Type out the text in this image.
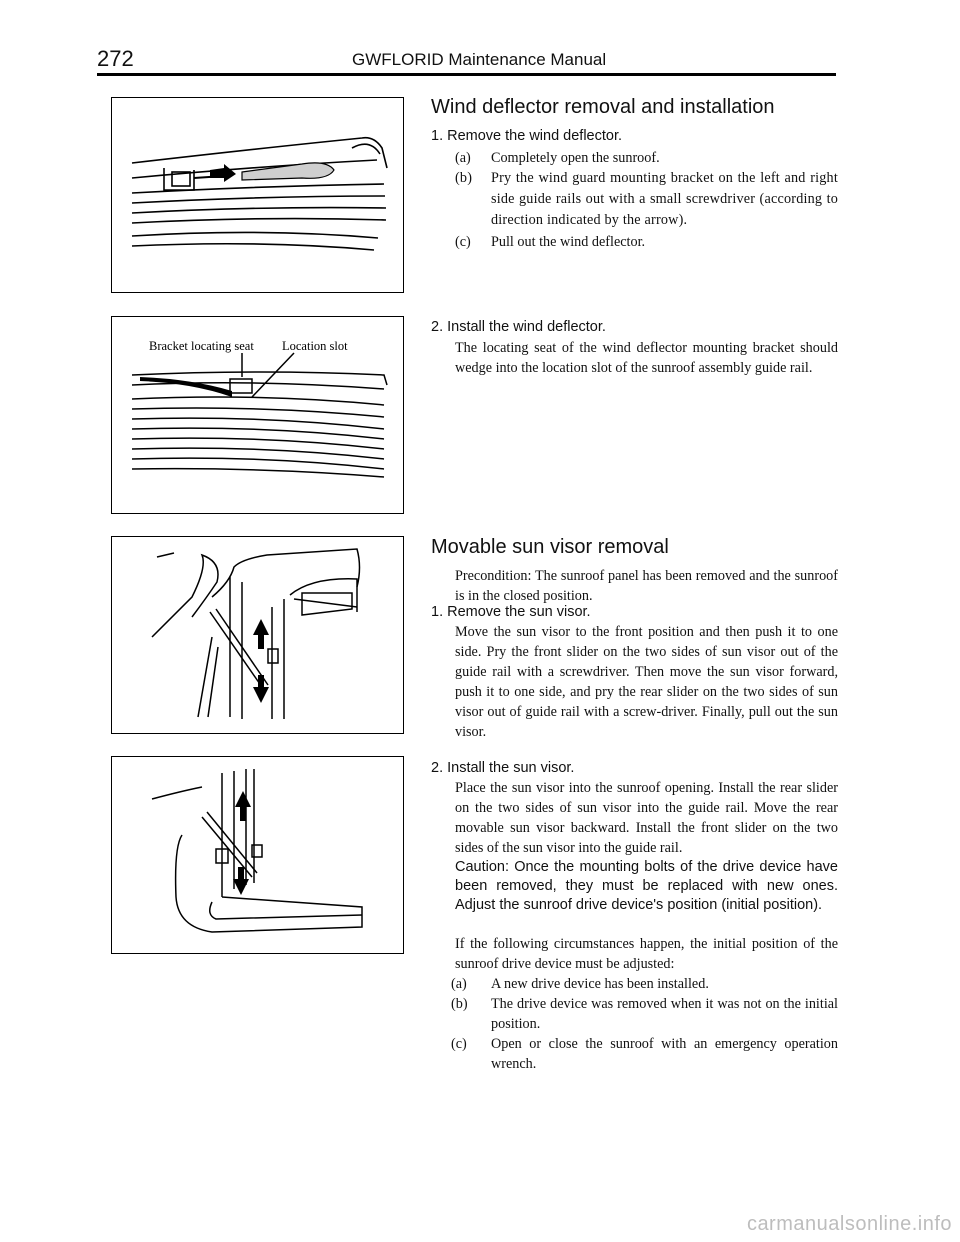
272	GWFLORID Maintenance Manual
Bracket locating seat Location slot
Wind deflector removal and installation
1. Remove the wind deflector.
(a) Completely open the sunroof.
(b) Pry the wind guard mounting bracket on the left and right side guide rails out with a small screwdriver (according to direction indicated by the arrow).
(c) Pull out the wind deflector.
2. Install the wind deflector.
The locating seat of the wind deflector mounting bracket should wedge into the location slot of the sunroof assembly guide rail.
Movable sun visor removal
Precondition: The sunroof panel has been removed and the sunroof is in the closed position.
1. Remove the sun visor.
Move the sun visor to the front position and then push it to one side. Pry the front slider on the two sides of sun visor out of the guide rail with a screwdriver. Then move the sun visor forward, push it to one side, and pry the rear slider on the two sides of sun visor out of guide rail with a screw-driver. Finally, pull out the sun visor.
2. Install the sun visor.
Place the sun visor into the sunroof opening. Install the rear slider on the two sides of sun visor into the guide rail. Move the rear movable sun visor backward. Install the front slider on the two sides of the sun visor into the guide rail.
Caution: Once the mounting bolts of the drive device have been removed, they must be replaced with new ones. Adjust the sunroof drive device's position (initial position).
If the following circumstances happen, the initial position of the sunroof drive device must be adjusted:
(a) A new drive device has been installed.
(b) The drive device was removed when it was not on the initial position.
(c) Open or close the sunroof with an emergency operation wrench.
carmanualsonline.info
